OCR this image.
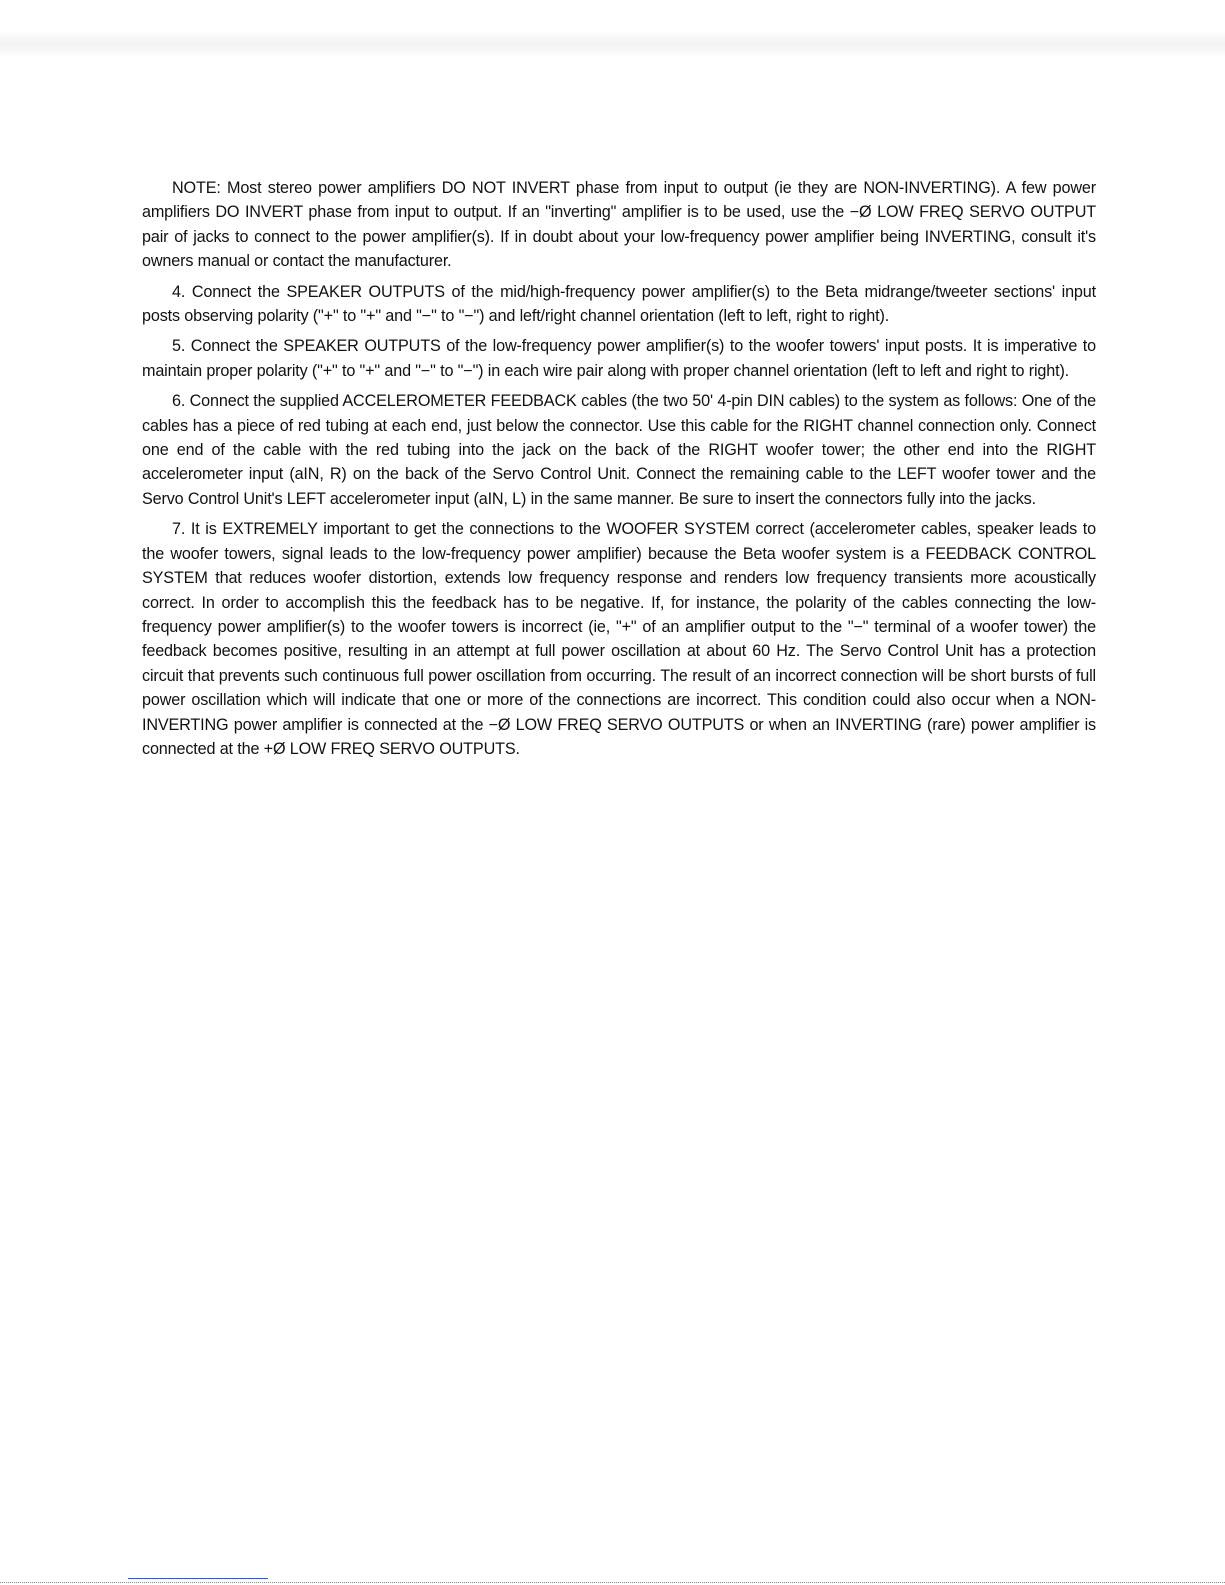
NOTE: Most stereo power amplifiers DO NOT INVERT phase from input to output (ie they are NON-INVERTING). A few power amplifiers DO INVERT phase from input to output. If an "inverting" amplifier is to be used, use the −Ø LOW FREQ SERVO OUTPUT pair of jacks to connect to the power amplifier(s). If in doubt about your low-frequency power amplifier being INVERTING, consult it's owners manual or contact the manufacturer.

4. Connect the SPEAKER OUTPUTS of the mid/high-frequency power amplifier(s) to the Beta midrange/tweeter sections' input posts observing polarity ("+" to "+" and "−" to "−") and left/right channel orientation (left to left, right to right).

5. Connect the SPEAKER OUTPUTS of the low-frequency power amplifier(s) to the woofer towers' input posts. It is imperative to maintain proper polarity ("+" to "+" and "−" to "−") in each wire pair along with proper channel orientation (left to left and right to right).

6. Connect the supplied ACCELEROMETER FEEDBACK cables (the two 50' 4-pin DIN cables) to the system as follows: One of the cables has a piece of red tubing at each end, just below the connector. Use this cable for the RIGHT channel connection only. Connect one end of the cable with the red tubing into the jack on the back of the RIGHT woofer tower; the other end into the RIGHT accelerometer input (aIN, R) on the back of the Servo Control Unit. Connect the remaining cable to the LEFT woofer tower and the Servo Control Unit's LEFT accelerometer input (aIN, L) in the same manner. Be sure to insert the connectors fully into the jacks.

7. It is EXTREMELY important to get the connections to the WOOFER SYSTEM correct (accelerometer cables, speaker leads to the woofer towers, signal leads to the low-frequency power amplifier) because the Beta woofer system is a FEEDBACK CONTROL SYSTEM that reduces woofer distortion, extends low frequency response and renders low frequency transients more acoustically correct. In order to accomplish this the feedback has to be negative. If, for instance, the polarity of the cables connecting the low-frequency power amplifier(s) to the woofer towers is incorrect (ie, "+" of an amplifier output to the "−" terminal of a woofer tower) the feedback becomes positive, resulting in an attempt at full power oscillation at about 60 Hz. The Servo Control Unit has a protection circuit that prevents such continuous full power oscillation from occurring. The result of an incorrect connection will be short bursts of full power oscillation which will indicate that one or more of the connections are incorrect. This condition could also occur when a NON-INVERTING power amplifier is connected at the −Ø LOW FREQ SERVO OUTPUTS or when an INVERTING (rare) power amplifier is connected at the +Ø LOW FREQ SERVO OUTPUTS.
